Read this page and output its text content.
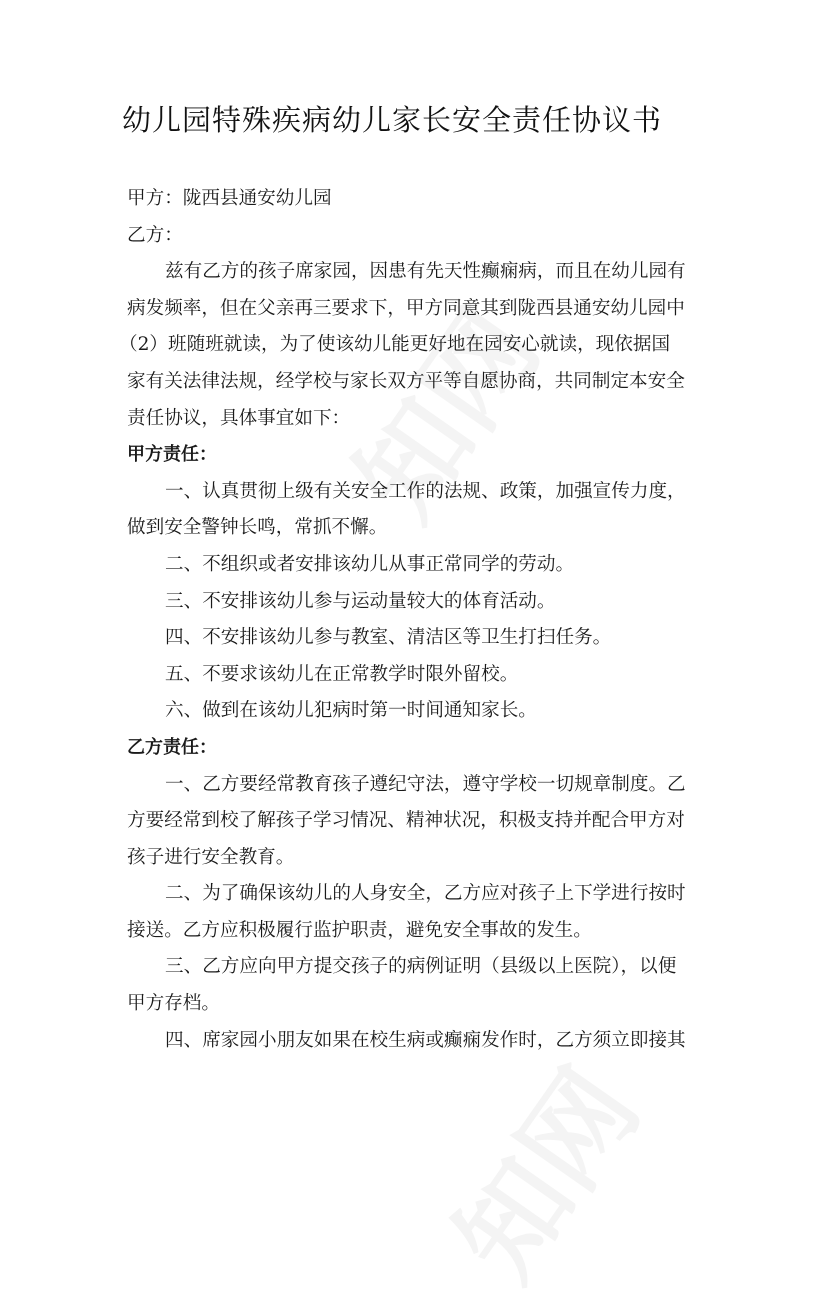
幼儿园特殊疾病幼儿家长安全责任协议书
甲方：陇西县通安幼儿园
乙方：
兹有乙方的孩子席家园，因患有先天性癫痫病，而且在幼儿园有
病发频率，但在父亲再三要求下，甲方同意其到陇西县通安幼儿园中
（2）班随班就读，为了使该幼儿能更好地在园安心就读，现依据国
家有关法律法规，经学校与家长双方平等自愿协商，共同制定本安全
责任协议，具体事宜如下：
甲方责任：
一、认真贯彻上级有关安全工作的法规、政策，加强宣传力度，
做到安全警钟长鸣，常抓不懈。
二、不组织或者安排该幼儿从事正常同学的劳动。
三、不安排该幼儿参与运动量较大的体育活动。
四、不安排该幼儿参与教室、清洁区等卫生打扫任务。
五、不要求该幼儿在正常教学时限外留校。
六、做到在该幼儿犯病时第一时间通知家长。
乙方责任：
一、乙方要经常教育孩子遵纪守法，遵守学校一切规章制度。乙
方要经常到校了解孩子学习情况、精神状况，积极支持并配合甲方对
孩子进行安全教育。
二、为了确保该幼儿的人身安全，乙方应对孩子上下学进行按时
接送。乙方应积极履行监护职责，避免安全事故的发生。
三、乙方应向甲方提交孩子的病例证明（县级以上医院），以便
甲方存档。
四、席家园小朋友如果在校生病或癫痫发作时，乙方须立即接其
